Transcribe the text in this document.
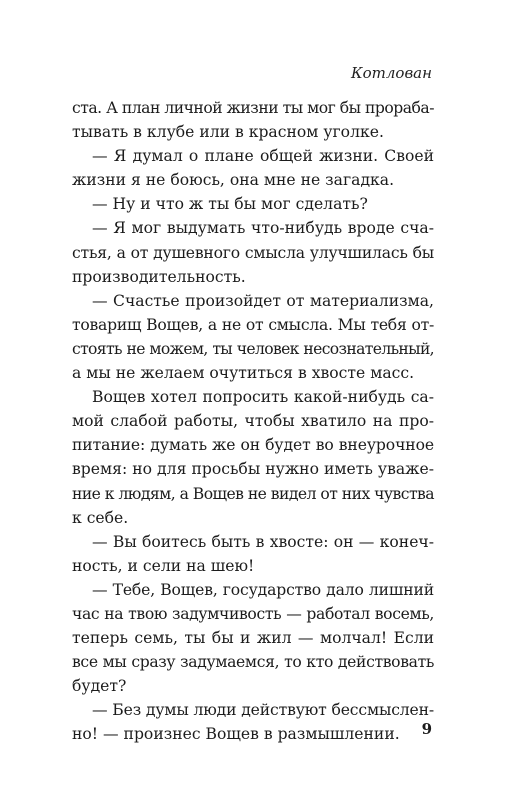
Котлован
ста. А план личной жизни ты мог бы прораба-
тывать в клубе или в красном уголке.
— Я думал о плане общей жизни. Своей
жизни я не боюсь, она мне не загадка.
— Ну и что ж ты бы мог сделать?
— Я мог выдумать что-нибудь вроде сча-
стья, а от душевного смысла улучшилась бы
производительность.
— Счастье произойдет от материализма,
товарищ Вощев, а не от смысла. Мы тебя от-
стоять не можем, ты человек несознательный,
а мы не желаем очутиться в хвосте масс.
Вощев хотел попросить какой-нибудь са-
мой слабой работы, чтобы хватило на про-
питание: думать же он будет во внеурочное
время: но для просьбы нужно иметь уваже-
ние к людям, а Вощев не видел от них чувства
к себе.
— Вы боитесь быть в хвосте: он — конеч-
ность, и сели на шею!
— Тебе, Вощев, государство дало лишний
час на твою задумчивость — работал восемь,
теперь семь, ты бы и жил — молчал! Если
все мы сразу задумаемся, то кто действовать
будет?
— Без думы люди действуют бессмыслен-
но! — произнес Вощев в размышлении.	9
